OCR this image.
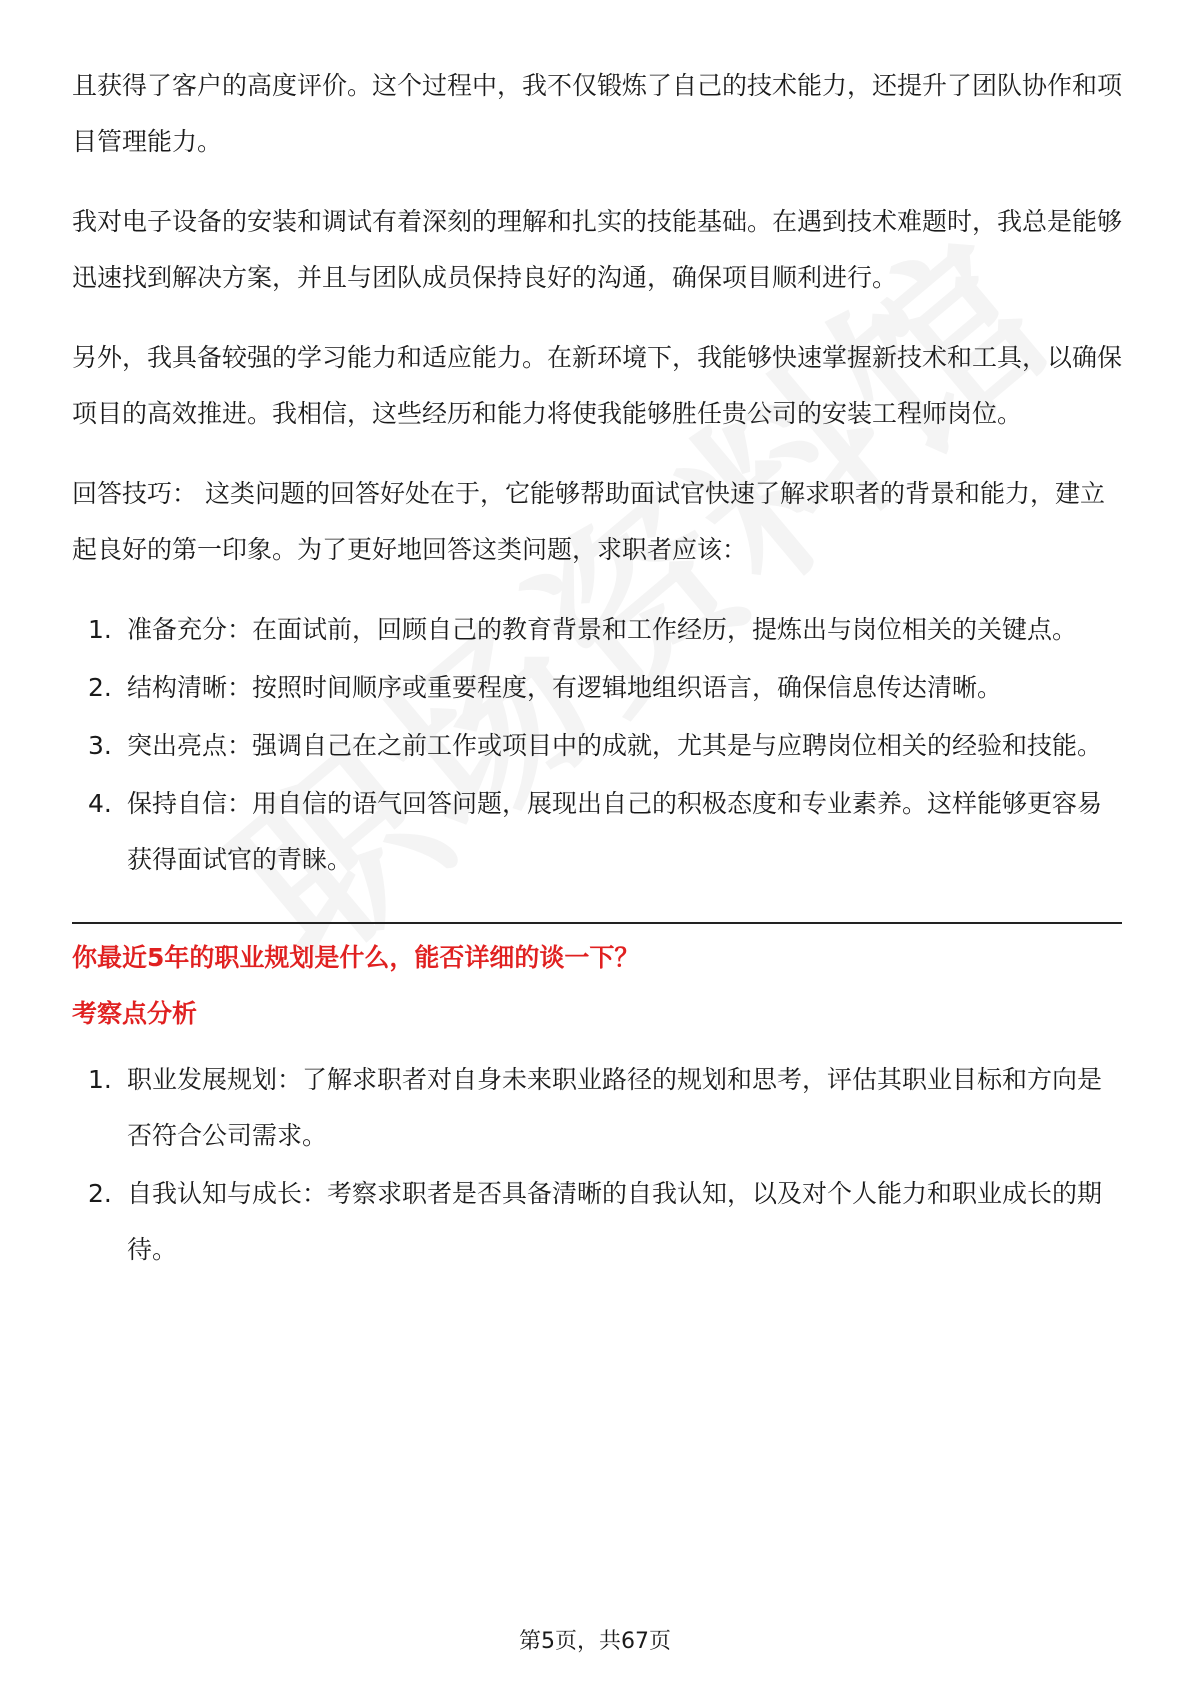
且获得了客户的高度评价。这个过程中，我不仅锻炼了自己的技术能力，还提升了团队协作和项目管理能力。

我对电子设备的安装和调试有着深刻的理解和扎实的技能基础。在遇到技术难题时，我总是能够迅速找到解决方案，并且与团队成员保持良好的沟通，确保项目顺利进行。

另外，我具备较强的学习能力和适应能力。在新环境下，我能够快速掌握新技术和工具，以确保项目的高效推进。我相信，这些经历和能力将使我能够胜任贵公司的安装工程师岗位。

回答技巧： 这类问题的回答好处在于，它能够帮助面试官快速了解求职者的背景和能力，建立起良好的第一印象。为了更好地回答这类问题，求职者应该：

1. 准备充分：在面试前，回顾自己的教育背景和工作经历，提炼出与岗位相关的关键点。
2. 结构清晰：按照时间顺序或重要程度，有逻辑地组织语言，确保信息传达清晰。
3. 突出亮点：强调自己在之前工作或项目中的成就，尤其是与应聘岗位相关的经验和技能。
4. 保持自信：用自信的语气回答问题，展现出自己的积极态度和专业素养。这样能够更容易获得面试官的青睐。
你最近5年的职业规划是什么，能否详细的谈一下？
考察点分析
1. 职业发展规划：了解求职者对自身未来职业路径的规划和思考，评估其职业目标和方向是否符合公司需求。
2. 自我认知与成长：考察求职者是否具备清晰的自我认知，以及对个人能力和职业成长的期待。
第5页，共67页
